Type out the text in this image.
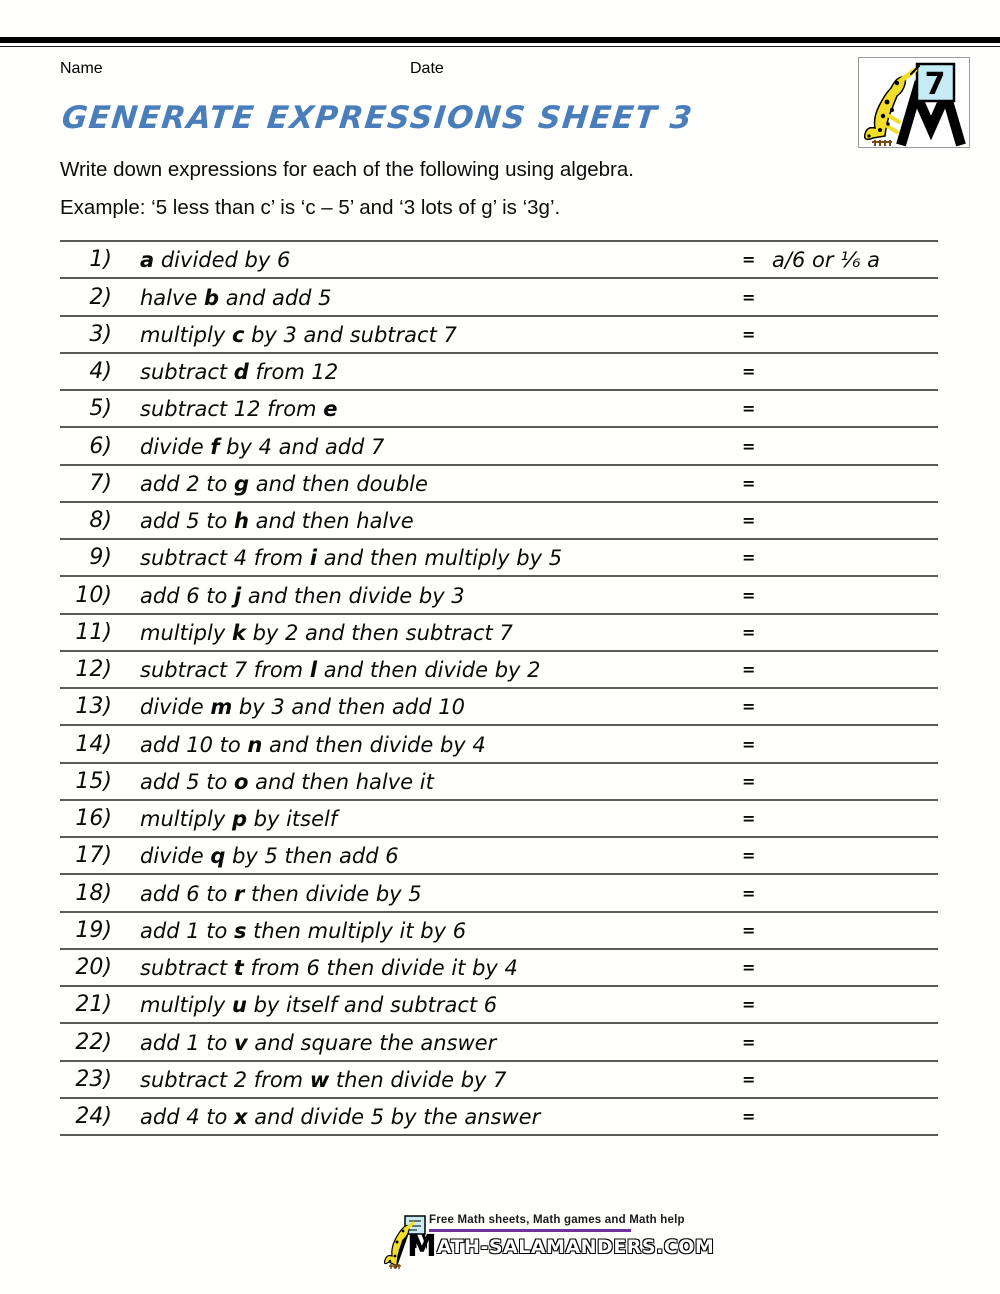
Name	Date	7
GENERATE EXPRESSIONS SHEET 3

Write down expressions for each of the following using algebra.

Example: ‘5 less than c’ is ‘c – 5’ and ‘3 lots of g’ is ‘3g’.

1) a divided by 6	= a/6 or ¹⁄₆ a
2) halve b and add 5	=
3) multiply c by 3 and subtract 7	=
4) subtract d from 12	=
5) subtract 12 from e	=
6) divide f by 4 and add 7	=
7) add 2 to g and then double	=
8) add 5 to h and then halve	=
9) subtract 4 from i and then multiply by 5	=
10) add 6 to j and then divide by 3	=
11) multiply k by 2 and then subtract 7	=
12) subtract 7 from l and then divide by 2	=
13) divide m by 3 and then add 10	=
14) add 10 to n and then divide by 4	=
15) add 5 to o and then halve it	=
16) multiply p by itself	=
17) divide q by 5 then add 6	=
18) add 6 to r then divide by 5	=
19) add 1 to s then multiply it by 6	=
20) subtract t from 6 then divide it by 4	=
21) multiply u by itself and subtract 6	=
22) add 1 to v and square the answer	=
23) subtract 2 from w then divide by 7	=
24) add 4 to x and divide 5 by the answer	=
Free Math sheets, Math games and Math help
MATH-SALAMANDERS.COM
